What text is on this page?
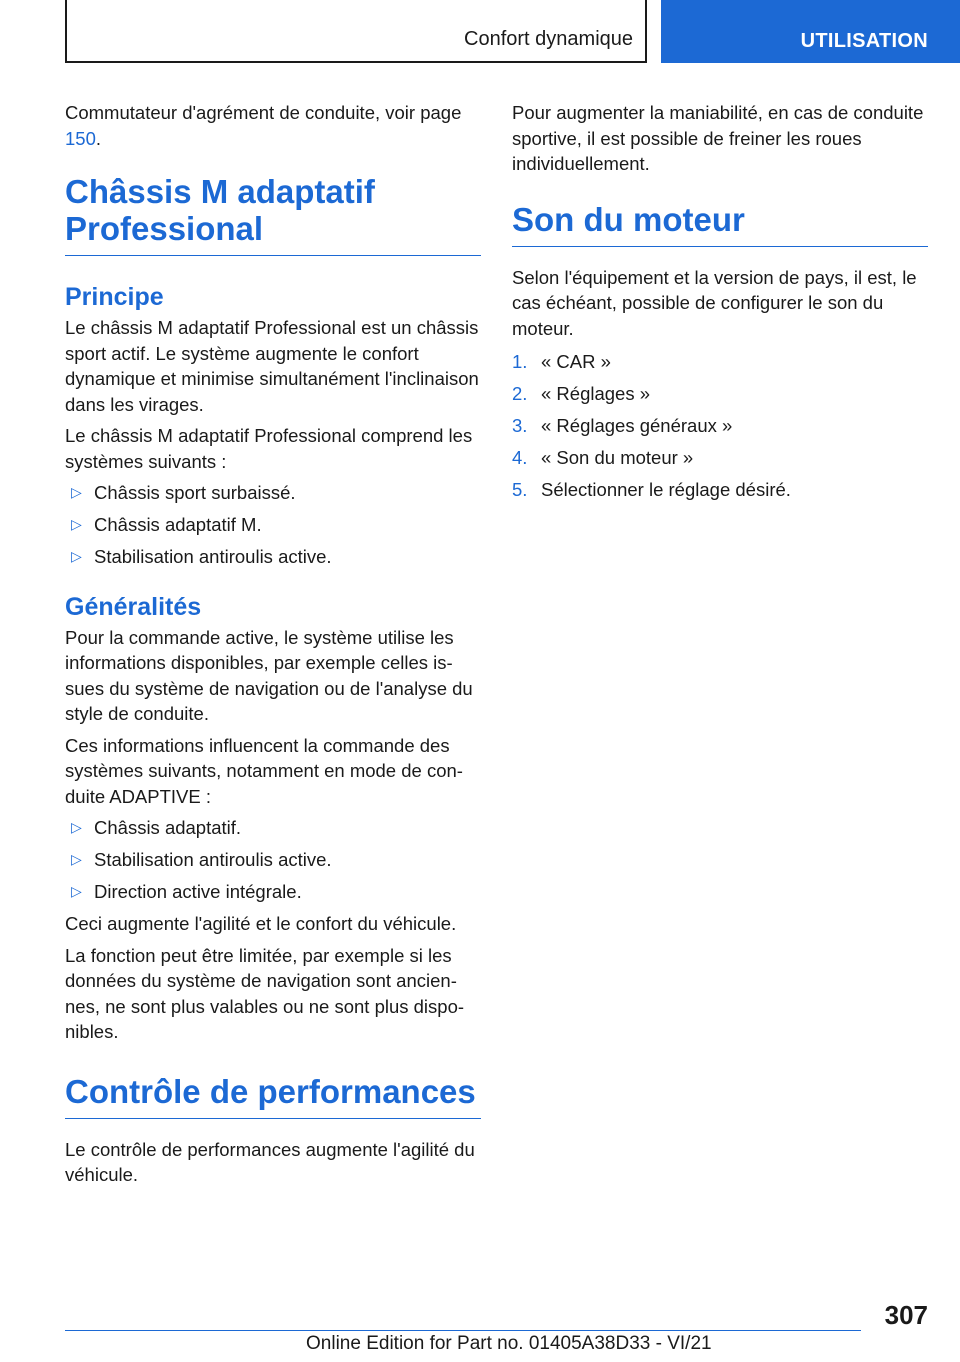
Confort dynamique	UTILISATION

Commutateur d'agrément de conduite, voir page 150.

Châssis M adaptatif Professional
Principe

Le châssis M adaptatif Professional est un châssis sport actif. Le système augmente le confort dynamique et minimise simultanément l'inclinaison dans les virages.

Le châssis M adaptatif Professional comprend les systèmes suivants :

▷ Châssis sport surbaissé.
▷ Châssis adaptatif M.
▷ Stabilisation antiroulis active.
Généralités

Pour la commande active, le système utilise les informations disponibles, par exemple celles issues du système de navigation ou de l'analyse du style de conduite.

Ces informations influencent la commande des systèmes suivants, notamment en mode de conduite ADAPTIVE :

▷ Châssis adaptatif.
▷ Stabilisation antiroulis active.
▷ Direction active intégrale.

Ceci augmente l'agilité et le confort du véhicule.

La fonction peut être limitée, par exemple si les données du système de navigation sont anciennes, ne sont plus valables ou ne sont plus disponibles.

Contrôle de performances

Le contrôle de performances augmente l'agilité du véhicule.

Pour augmenter la maniabilité, en cas de conduite sportive, il est possible de freiner les roues individuellement.

Son du moteur

Selon l'équipement et la version de pays, il est, le cas échéant, possible de configurer le son du moteur.

1. « CAR »
2. « Réglages »
3. « Réglages généraux »
4. « Son du moteur »
5. Sélectionner le réglage désiré.
307
Online Edition for Part no. 01405A38D33 - VI/21
